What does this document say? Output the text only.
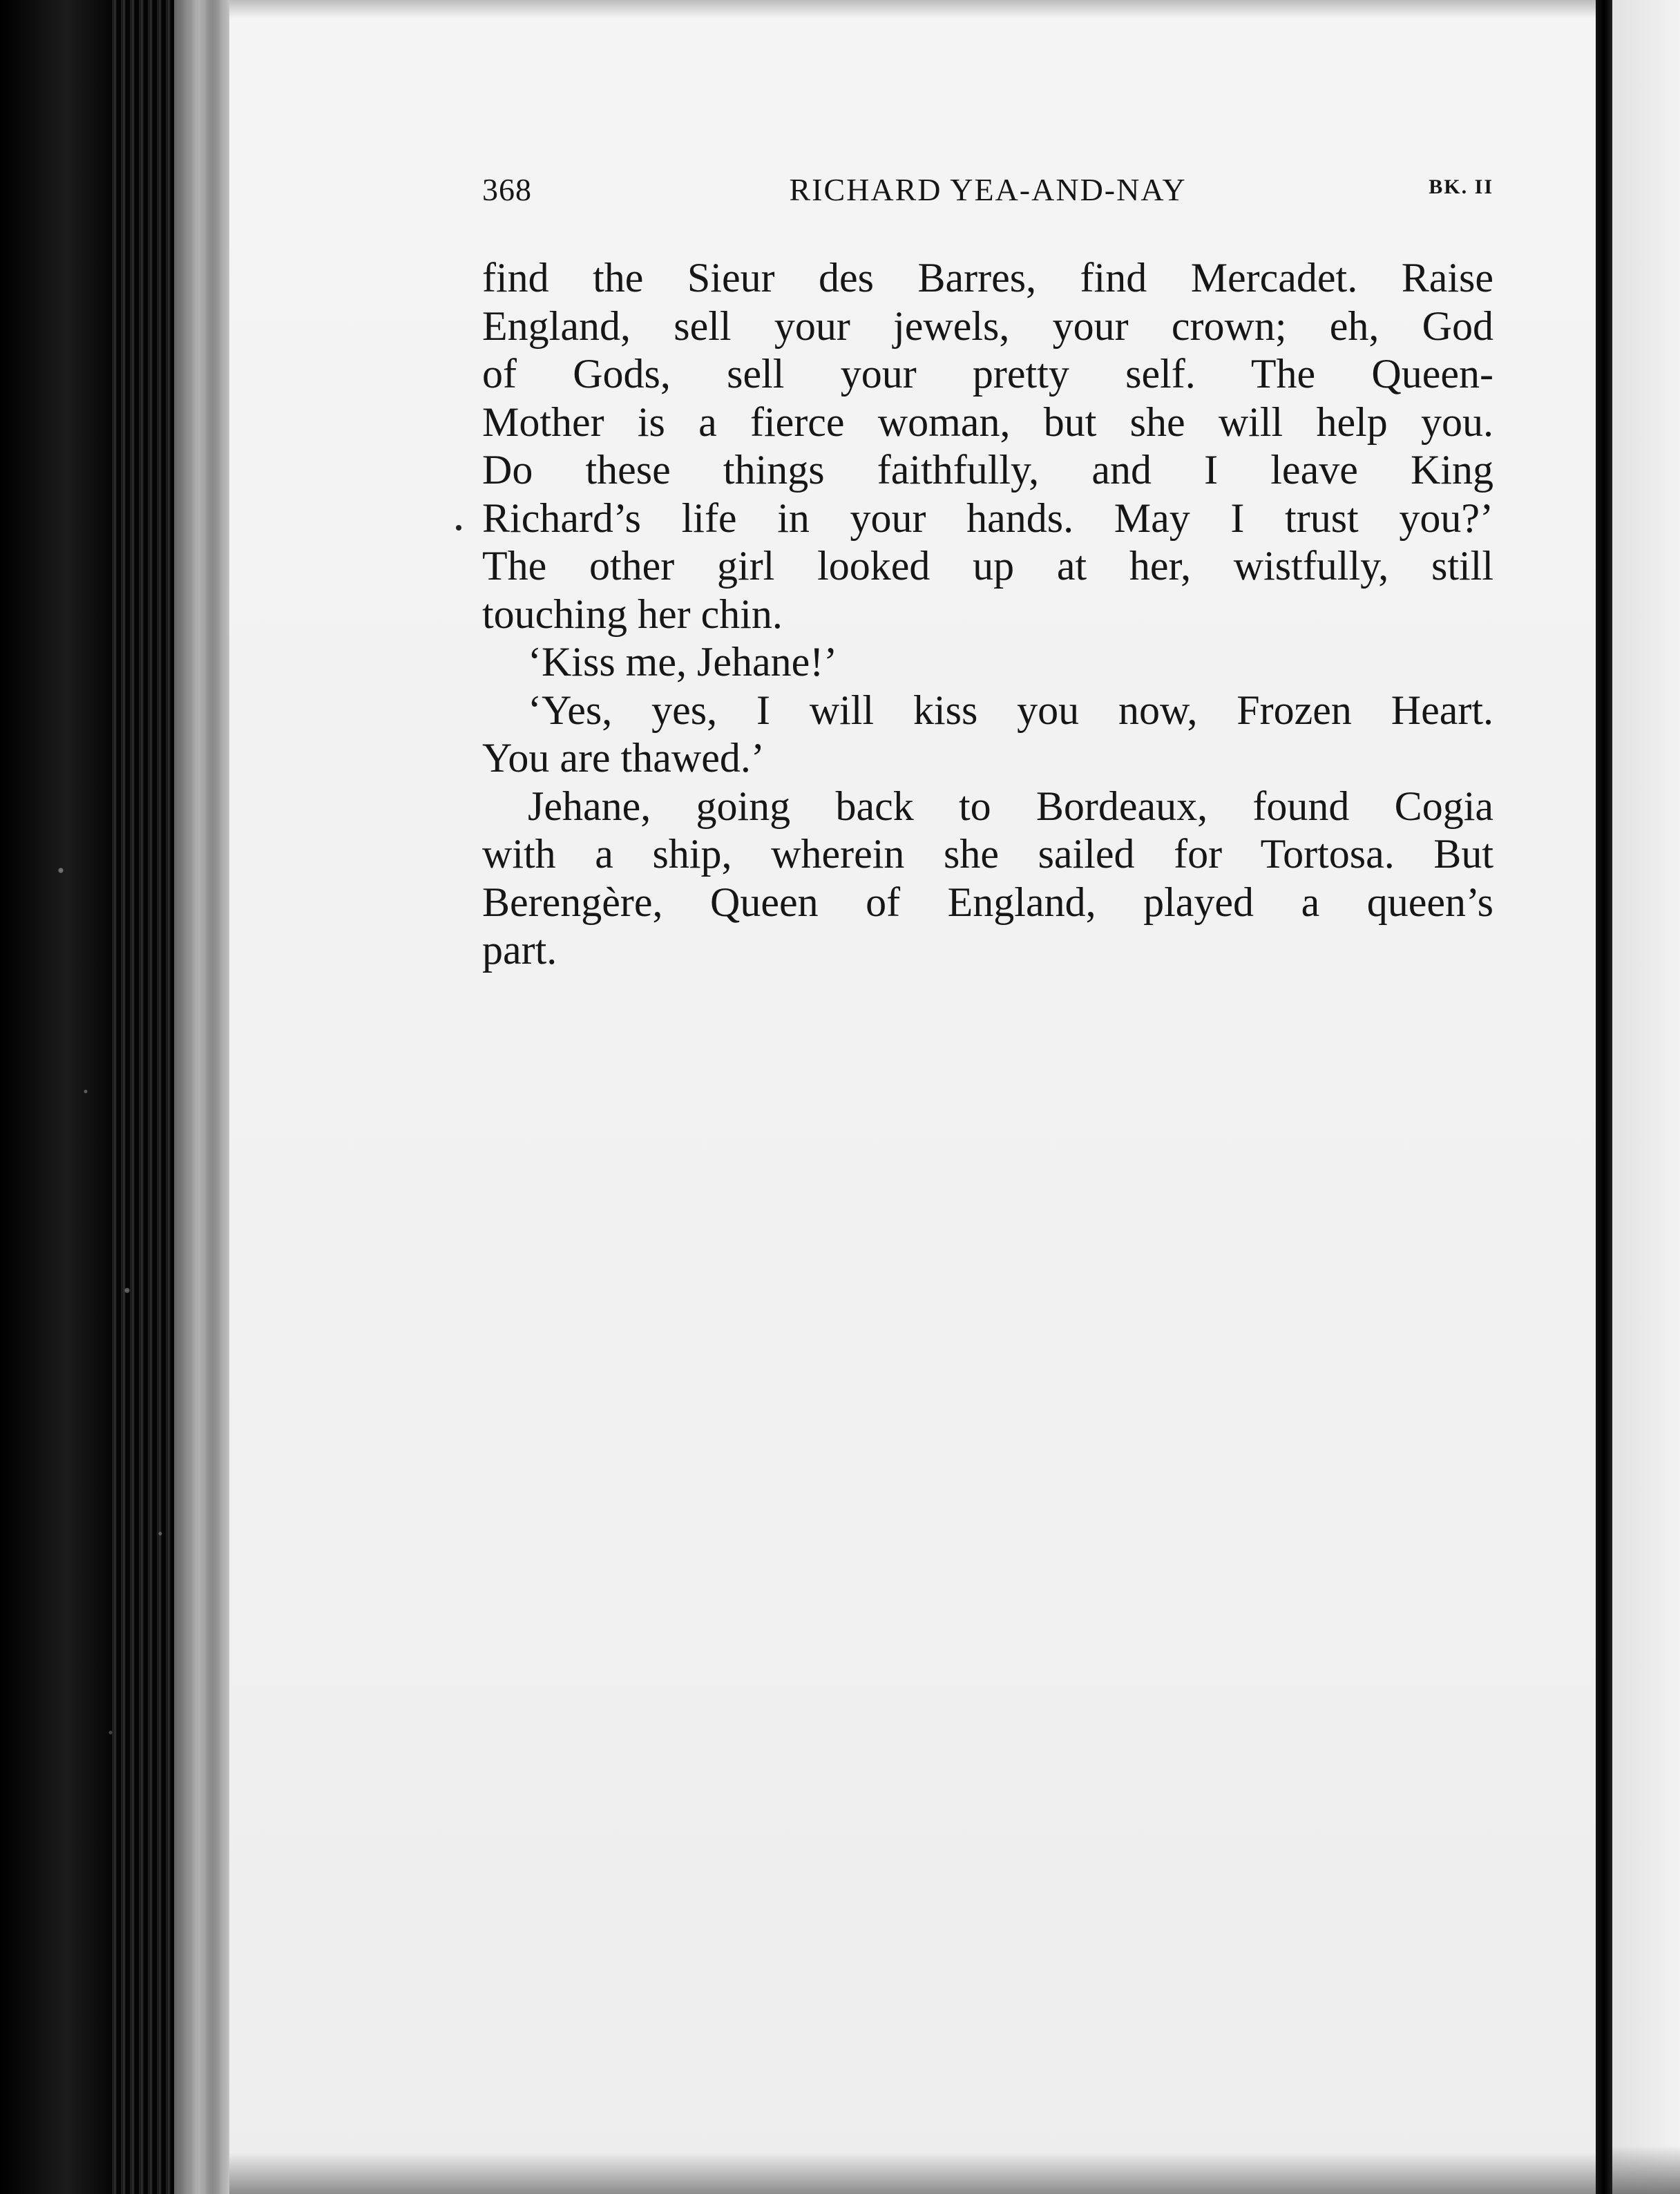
368	RICHARD YEA-AND-NAY	BK. II
find the Sieur des Barres, find Mercadet. Raise
England, sell your jewels, your crown; eh, God
of Gods, sell your pretty self. The Queen-
Mother is a fierce woman, but she will help you.
Do these things faithfully, and I leave King
Richard’s life in your hands. May I trust you?’
The other girl looked up at her, wistfully, still
touching her chin.
‘Kiss me, Jehane!’
‘Yes, yes, I will kiss you now, Frozen Heart.
You are thawed.’
Jehane, going back to Bordeaux, found Cogia
with a ship, wherein she sailed for Tortosa. But
Berengère, Queen of England, played a queen’s
part.
